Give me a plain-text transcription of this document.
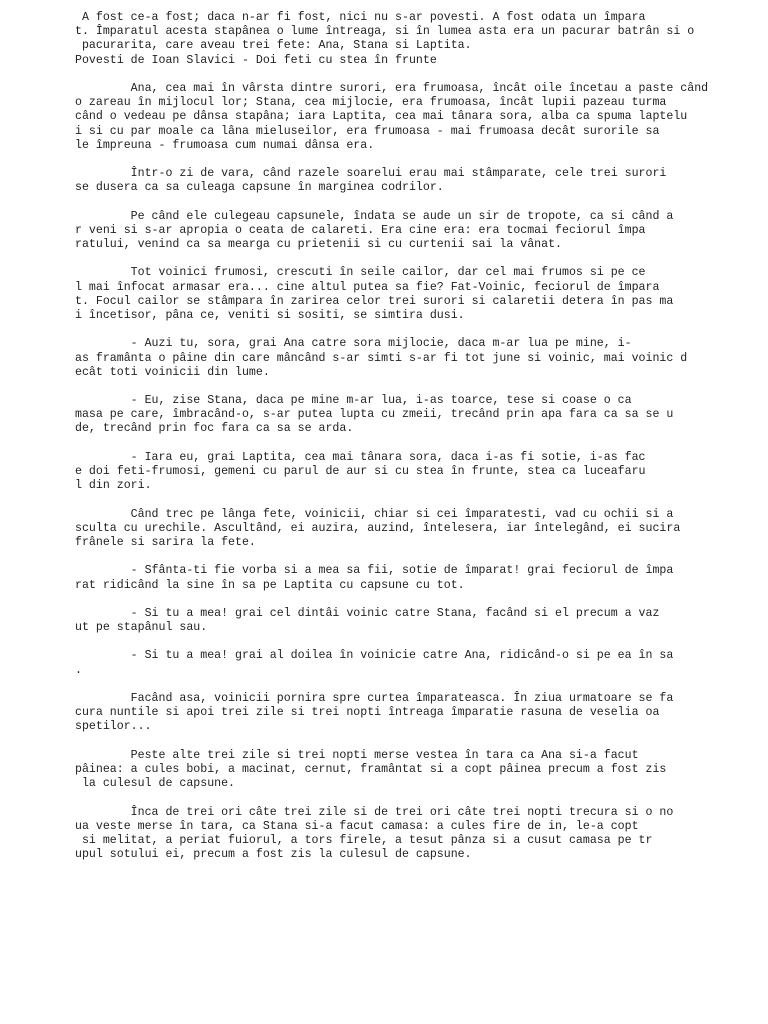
A fost ce-a fost; daca n-ar fi fost, nici nu s-ar povesti. A fost odata un împara
t. Împaratul acesta stapânea o lume întreaga, si în lumea asta era un pacurar batrân si o
pacurarita, care aveau trei fete: Ana, Stana si Laptita.
Povesti de Ioan Slavici - Doi feti cu stea în frunte
Ana, cea mai în vârsta dintre surori, era frumoasa, încât oile încetau a paste când
o zareau în mijlocul lor; Stana, cea mijlocie, era frumoasa, încât lupii pazeau turma
când o vedeau pe dânsa stapâna; iara Laptita, cea mai tânara sora, alba ca spuma laptelu
i si cu par moale ca lâna mieluseilor, era frumoasa - mai frumoasa decât surorile sa
le împreuna - frumoasa cum numai dânsa era.
Într-o zi de vara, când razele soarelui erau mai stâmparate, cele trei surori
se dusera ca sa culeaga capsune în marginea codrilor.
Pe când ele culegeau capsunele, îndata se aude un sir de tropote, ca si când a
r veni si s-ar apropia o ceata de calareti. Era cine era: era tocmai feciorul împa
ratului, venind ca sa mearga cu prietenii si cu curtenii sai la vânat.
Tot voinici frumosi, crescuti în seile cailor, dar cel mai frumos si pe ce
l mai înfocat armasar era... cine altul putea sa fie? Fat-Voinic, feciorul de împara
t. Focul cailor se stâmpara în zarirea celor trei surori si calaretii detera în pas ma
i încetisor, pâna ce, veniti si sositi, se simtira dusi.
- Auzi tu, sora, grai Ana catre sora mijlocie, daca m-ar lua pe mine, i-
as framânta o pâine din care mâncând s-ar simti s-ar fi tot june si voinic, mai voinic d
ecât toti voinicii din lume.
- Eu, zise Stana, daca pe mine m-ar lua, i-as toarce, tese si coase o ca
masa pe care, îmbracând-o, s-ar putea lupta cu zmeii, trecând prin apa fara ca sa se u
de, trecând prin foc fara ca sa se arda.
- Iara eu, grai Laptita, cea mai tânara sora, daca i-as fi sotie, i-as fac
e doi feti-frumosi, gemeni cu parul de aur si cu stea în frunte, stea ca luceafaru
l din zori.
Când trec pe lânga fete, voinicii, chiar si cei împaratesti, vad cu ochii si a
sculta cu urechile. Ascultând, ei auzira, auzind, întelesera, iar întelegând, ei sucira
frânele si sarira la fete.
- Sfânta-ti fie vorba si a mea sa fii, sotie de împarat! grai feciorul de împa
rat ridicând la sine în sa pe Laptita cu capsune cu tot.
- Si tu a mea! grai cel dintâi voinic catre Stana, facând si el precum a vaz
ut pe stapânul sau.
- Si tu a mea! grai al doilea în voinicie catre Ana, ridicând-o si pe ea în sa
.
Facând asa, voinicii pornira spre curtea împarateasca. În ziua urmatoare se fa
cura nuntile si apoi trei zile si trei nopti întreaga împaratie rasuna de veselia oa
spetilor...
Peste alte trei zile si trei nopti merse vestea în tara ca Ana si-a facut
pâinea: a cules bobi, a macinat, cernut, framântat si a copt pâinea precum a fost zis
la culesul de capsune.
Înca de trei ori câte trei zile si de trei ori câte trei nopti trecura si o no
ua veste merse în tara, ca Stana si-a facut camasa: a cules fire de in, le-a copt
si melitat, a periat fuiorul, a tors firele, a tesut pânza si a cusut camasa pe tr
upul sotului ei, precum a fost zis la culesul de capsune.
